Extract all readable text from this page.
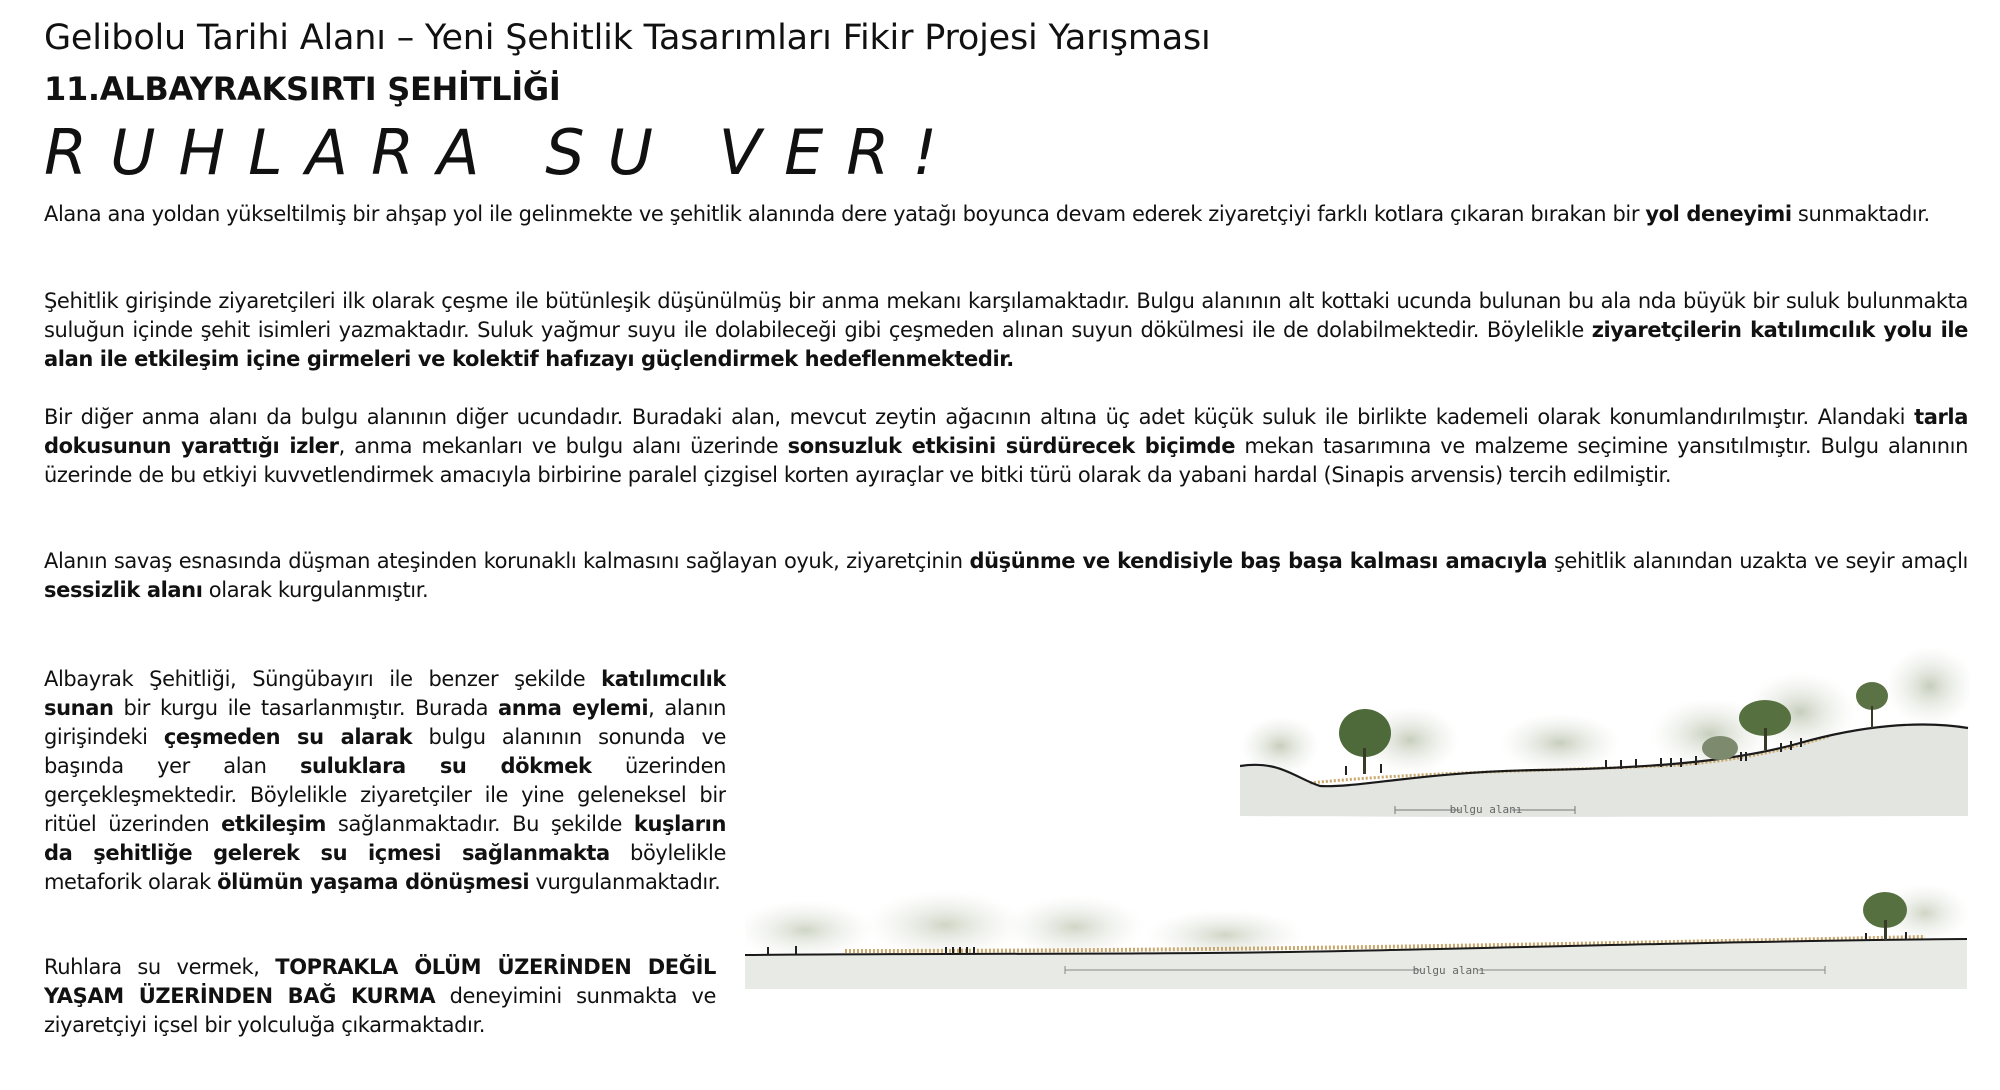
Gelibolu Tarihi Alanı – Yeni Şehitlik Tasarımları Fikir Projesi Yarışması
11.ALBAYRAKSIRTI ŞEHİTLİĞİ
RUHLARA SU VER!

Alana ana yoldan yükseltilmiş bir ahşap yol ile gelinmekte ve şehitlik alanında dere yatağı boyunca devam ederek ziyaretçiyi farklı kotlara çıkaran bırakan bir yol deneyimi sunmaktadır.

Şehitlik girişinde ziyaretçileri ilk olarak çeşme ile bütünleşik düşünülmüş bir anma mekanı karşılamaktadır. Bulgu alanının alt kottaki ucunda bulunan bu ala nda büyük bir suluk bulunmakta suluğun içinde şehit isimleri yazmaktadır. Suluk yağmur suyu ile dolabileceği gibi çeşmeden alınan suyun dökülmesi ile de dolabilmektedir. Böylelikle ziyaretçilerin katılımcılık yolu ile alan ile etkileşim içine girmeleri ve kolektif hafızayı güçlendirmek hedeflenmektedir.

Bir diğer anma alanı da bulgu alanının diğer ucundadır. Buradaki alan, mevcut zeytin ağacının altına üç adet küçük suluk ile birlikte kademeli olarak konumlandırılmıştır. Alandaki tarla dokusunun yarattığı izler, anma mekanları ve bulgu alanı üzerinde sonsuzluk etkisini sürdürecek biçimde mekan tasarımına ve malzeme seçimine yansıtılmıştır. Bulgu alanının üzerinde de bu etkiyi kuvvetlendirmek amacıyla birbirine paralel çizgisel korten ayıraçlar ve bitki türü olarak da yabani hardal (Sinapis arvensis) tercih edilmiştir.

Alanın savaş esnasında düşman ateşinden korunaklı kalmasını sağlayan oyuk, ziyaretçinin düşünme ve kendisiyle baş başa kalması amacıyla şehitlik alanından uzakta ve seyir amaçlı sessizlik alanı olarak kurgulanmıştır.

Albayrak Şehitliği, Süngübayırı ile benzer şekilde katılımcılık sunan bir kurgu ile tasarlanmıştır. Burada anma eylemi, alanın girişindeki çeşmeden su alarak bulgu alanının sonunda ve başında yer alan suluklara su dökmek üzerinden gerçekleşmektedir. Böylelikle ziyaretçiler ile yine geleneksel bir ritüel üzerinden etkileşim sağlanmaktadır. Bu şekilde kuşların da şehitliğe gelerek su içmesi sağlanmakta böylelikle metaforik olarak ölümün yaşama dönüşmesi vurgulanmaktadır.

Ruhlara su vermek, TOPRAKLA ÖLÜM ÜZERİNDEN DEĞİL YAŞAM ÜZERİNDEN BAĞ KURMA deneyimini sunmakta ve ziyaretçiyi içsel bir yolculuğa çıkarmaktadır.

bulgu alanı
bulgu alanı
